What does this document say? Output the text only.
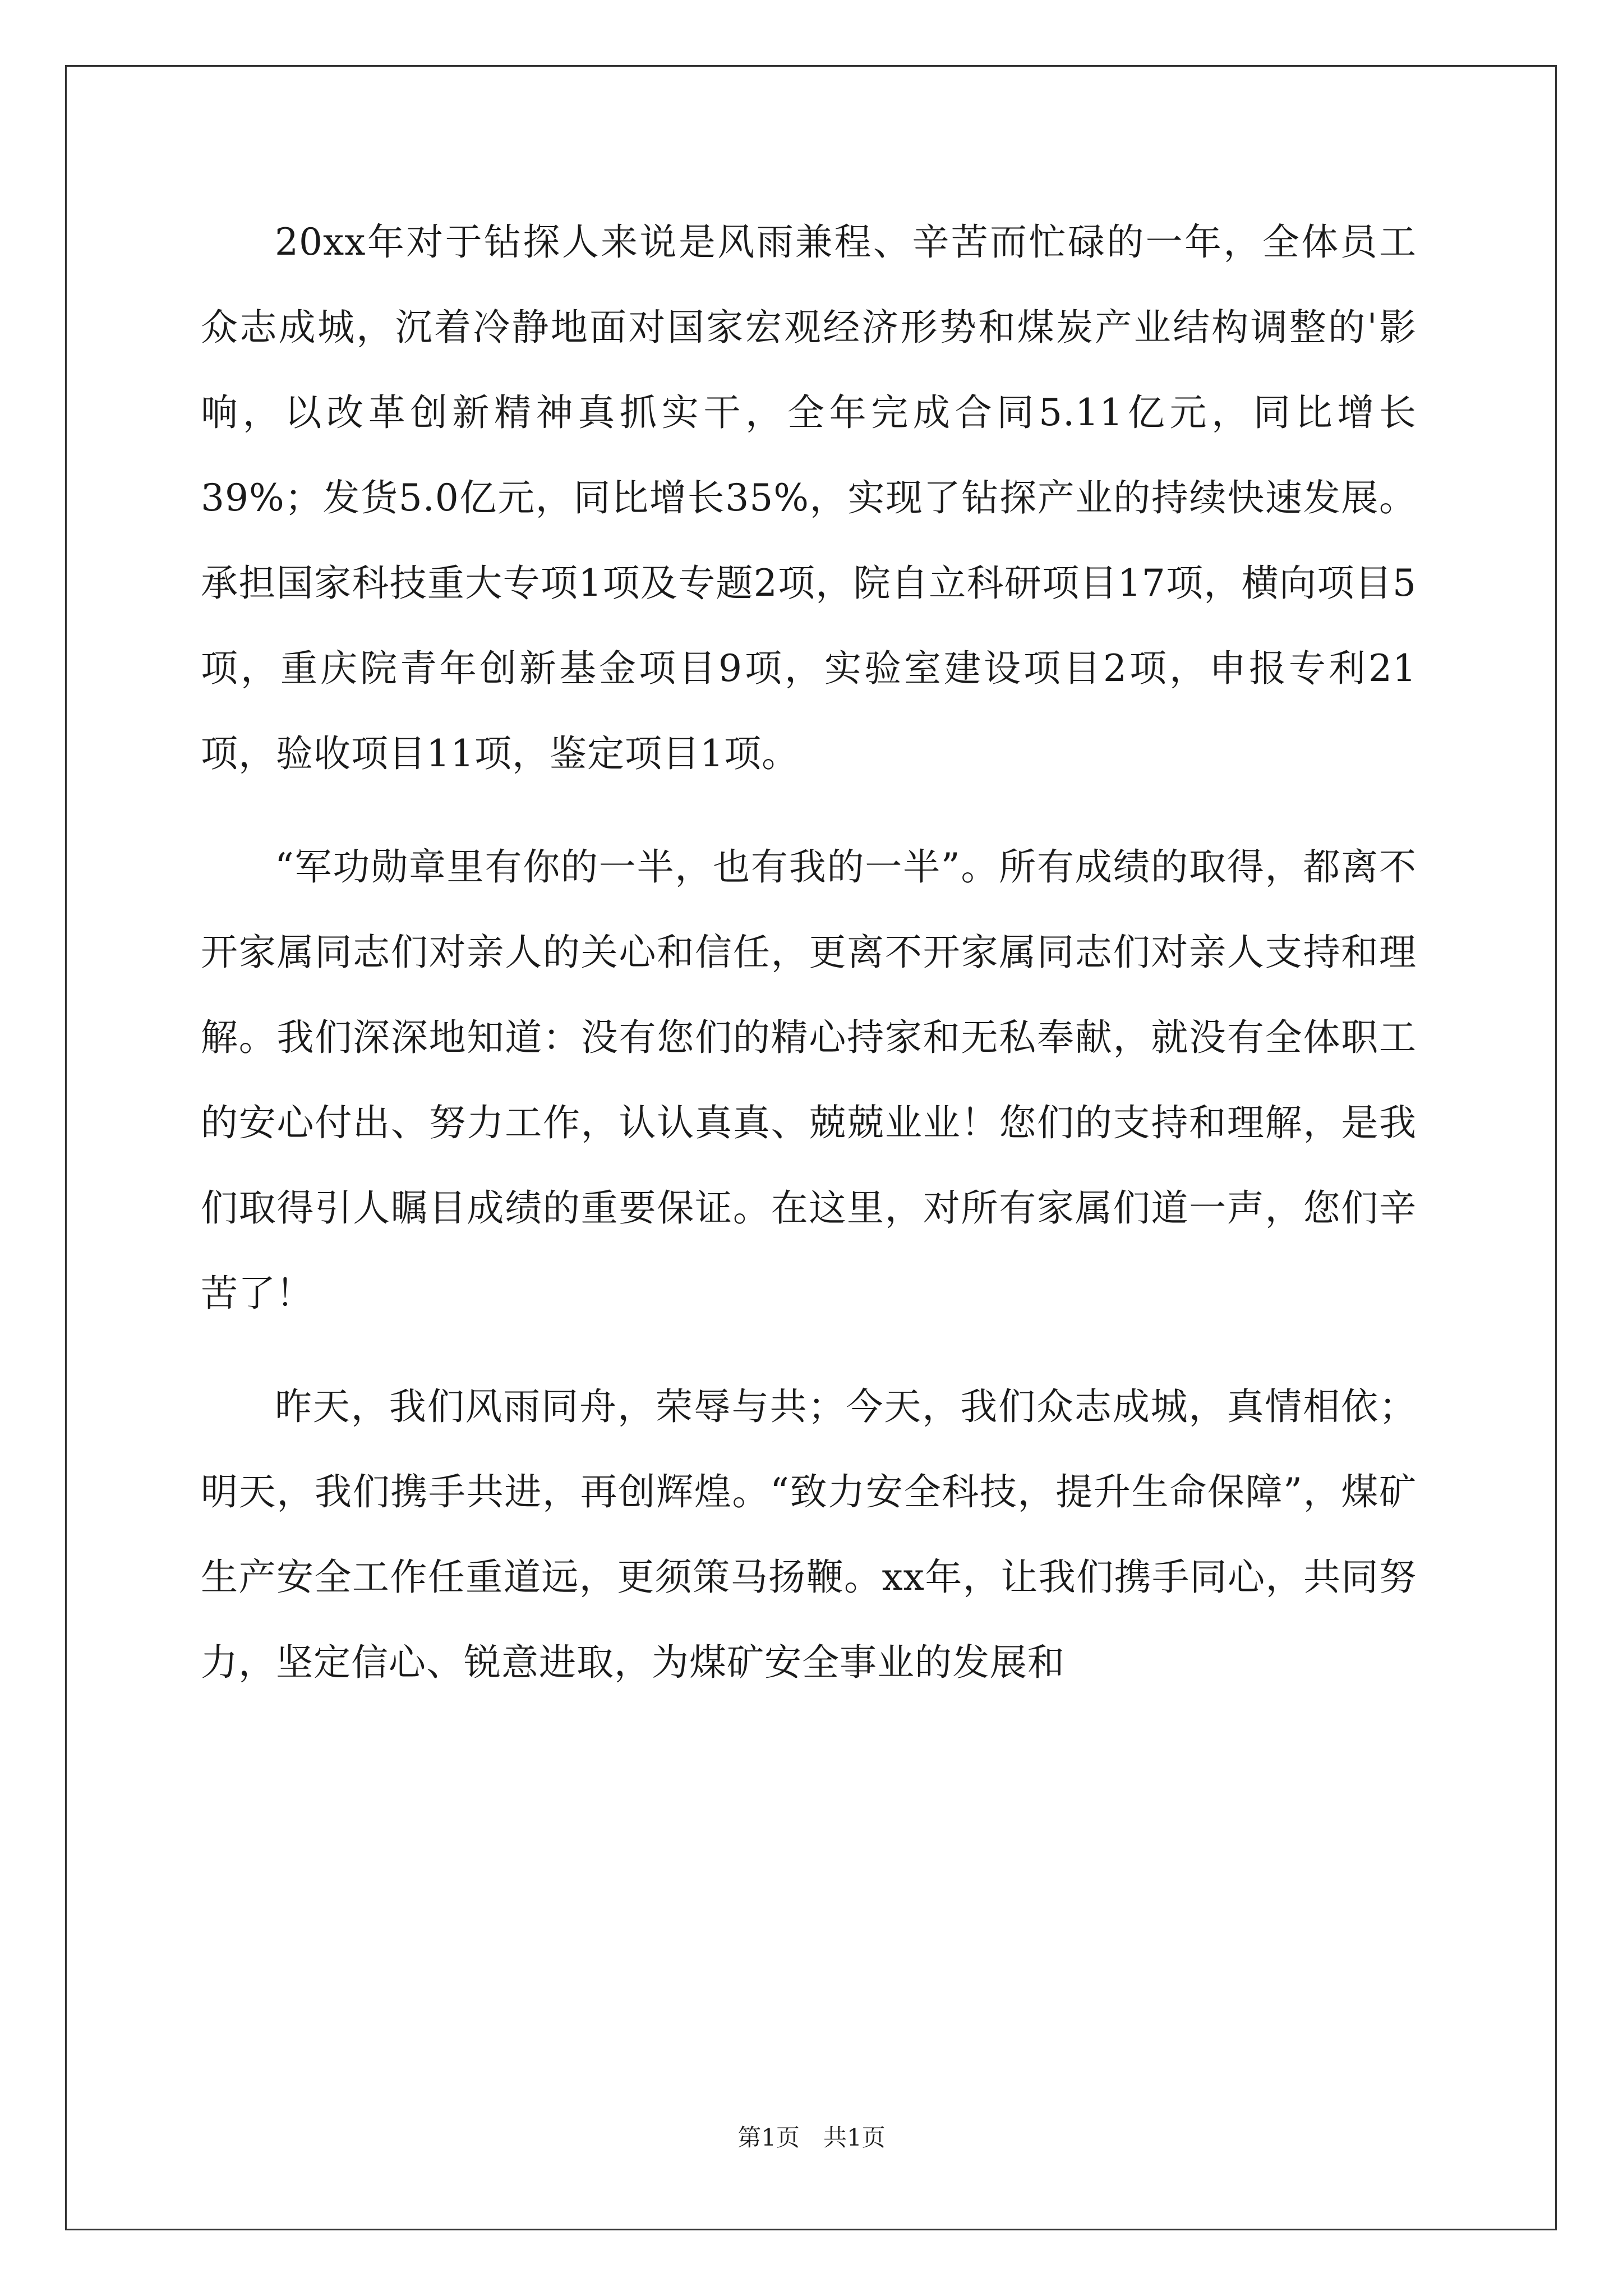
20xx年对于钻探人来说是风雨兼程、辛苦而忙碌的一年，全体员工众志成城，沉着冷静地面对国家宏观经济形势和煤炭产业结构调整的'影响，以改革创新精神真抓实干，全年完成合同5.11亿元，同比增长39%；发货5.0亿元，同比增长35%，实现了钻探产业的持续快速发展。承担国家科技重大专项1项及专题2项，院自立科研项目17项，横向项目5项，重庆院青年创新基金项目9项，实验室建设项目2项，申报专利21项，验收项目11项，鉴定项目1项。

“军功勋章里有你的一半，也有我的一半”。所有成绩的取得，都离不开家属同志们对亲人的关心和信任，更离不开家属同志们对亲人支持和理解。我们深深地知道：没有您们的精心持家和无私奉献，就没有全体职工的安心付出、努力工作，认认真真、兢兢业业！您们的支持和理解，是我们取得引人瞩目成绩的重要保证。在这里，对所有家属们道一声，您们辛苦了！

昨天，我们风雨同舟，荣辱与共；今天，我们众志成城，真情相依；明天，我们携手共进，再创辉煌。“致力安全科技，提升生命保障”，煤矿生产安全工作任重道远，更须策马扬鞭。xx年，让我们携手同心，共同努力，坚定信心、锐意进取，为煤矿安全事业的发展和

第1页　共1页
